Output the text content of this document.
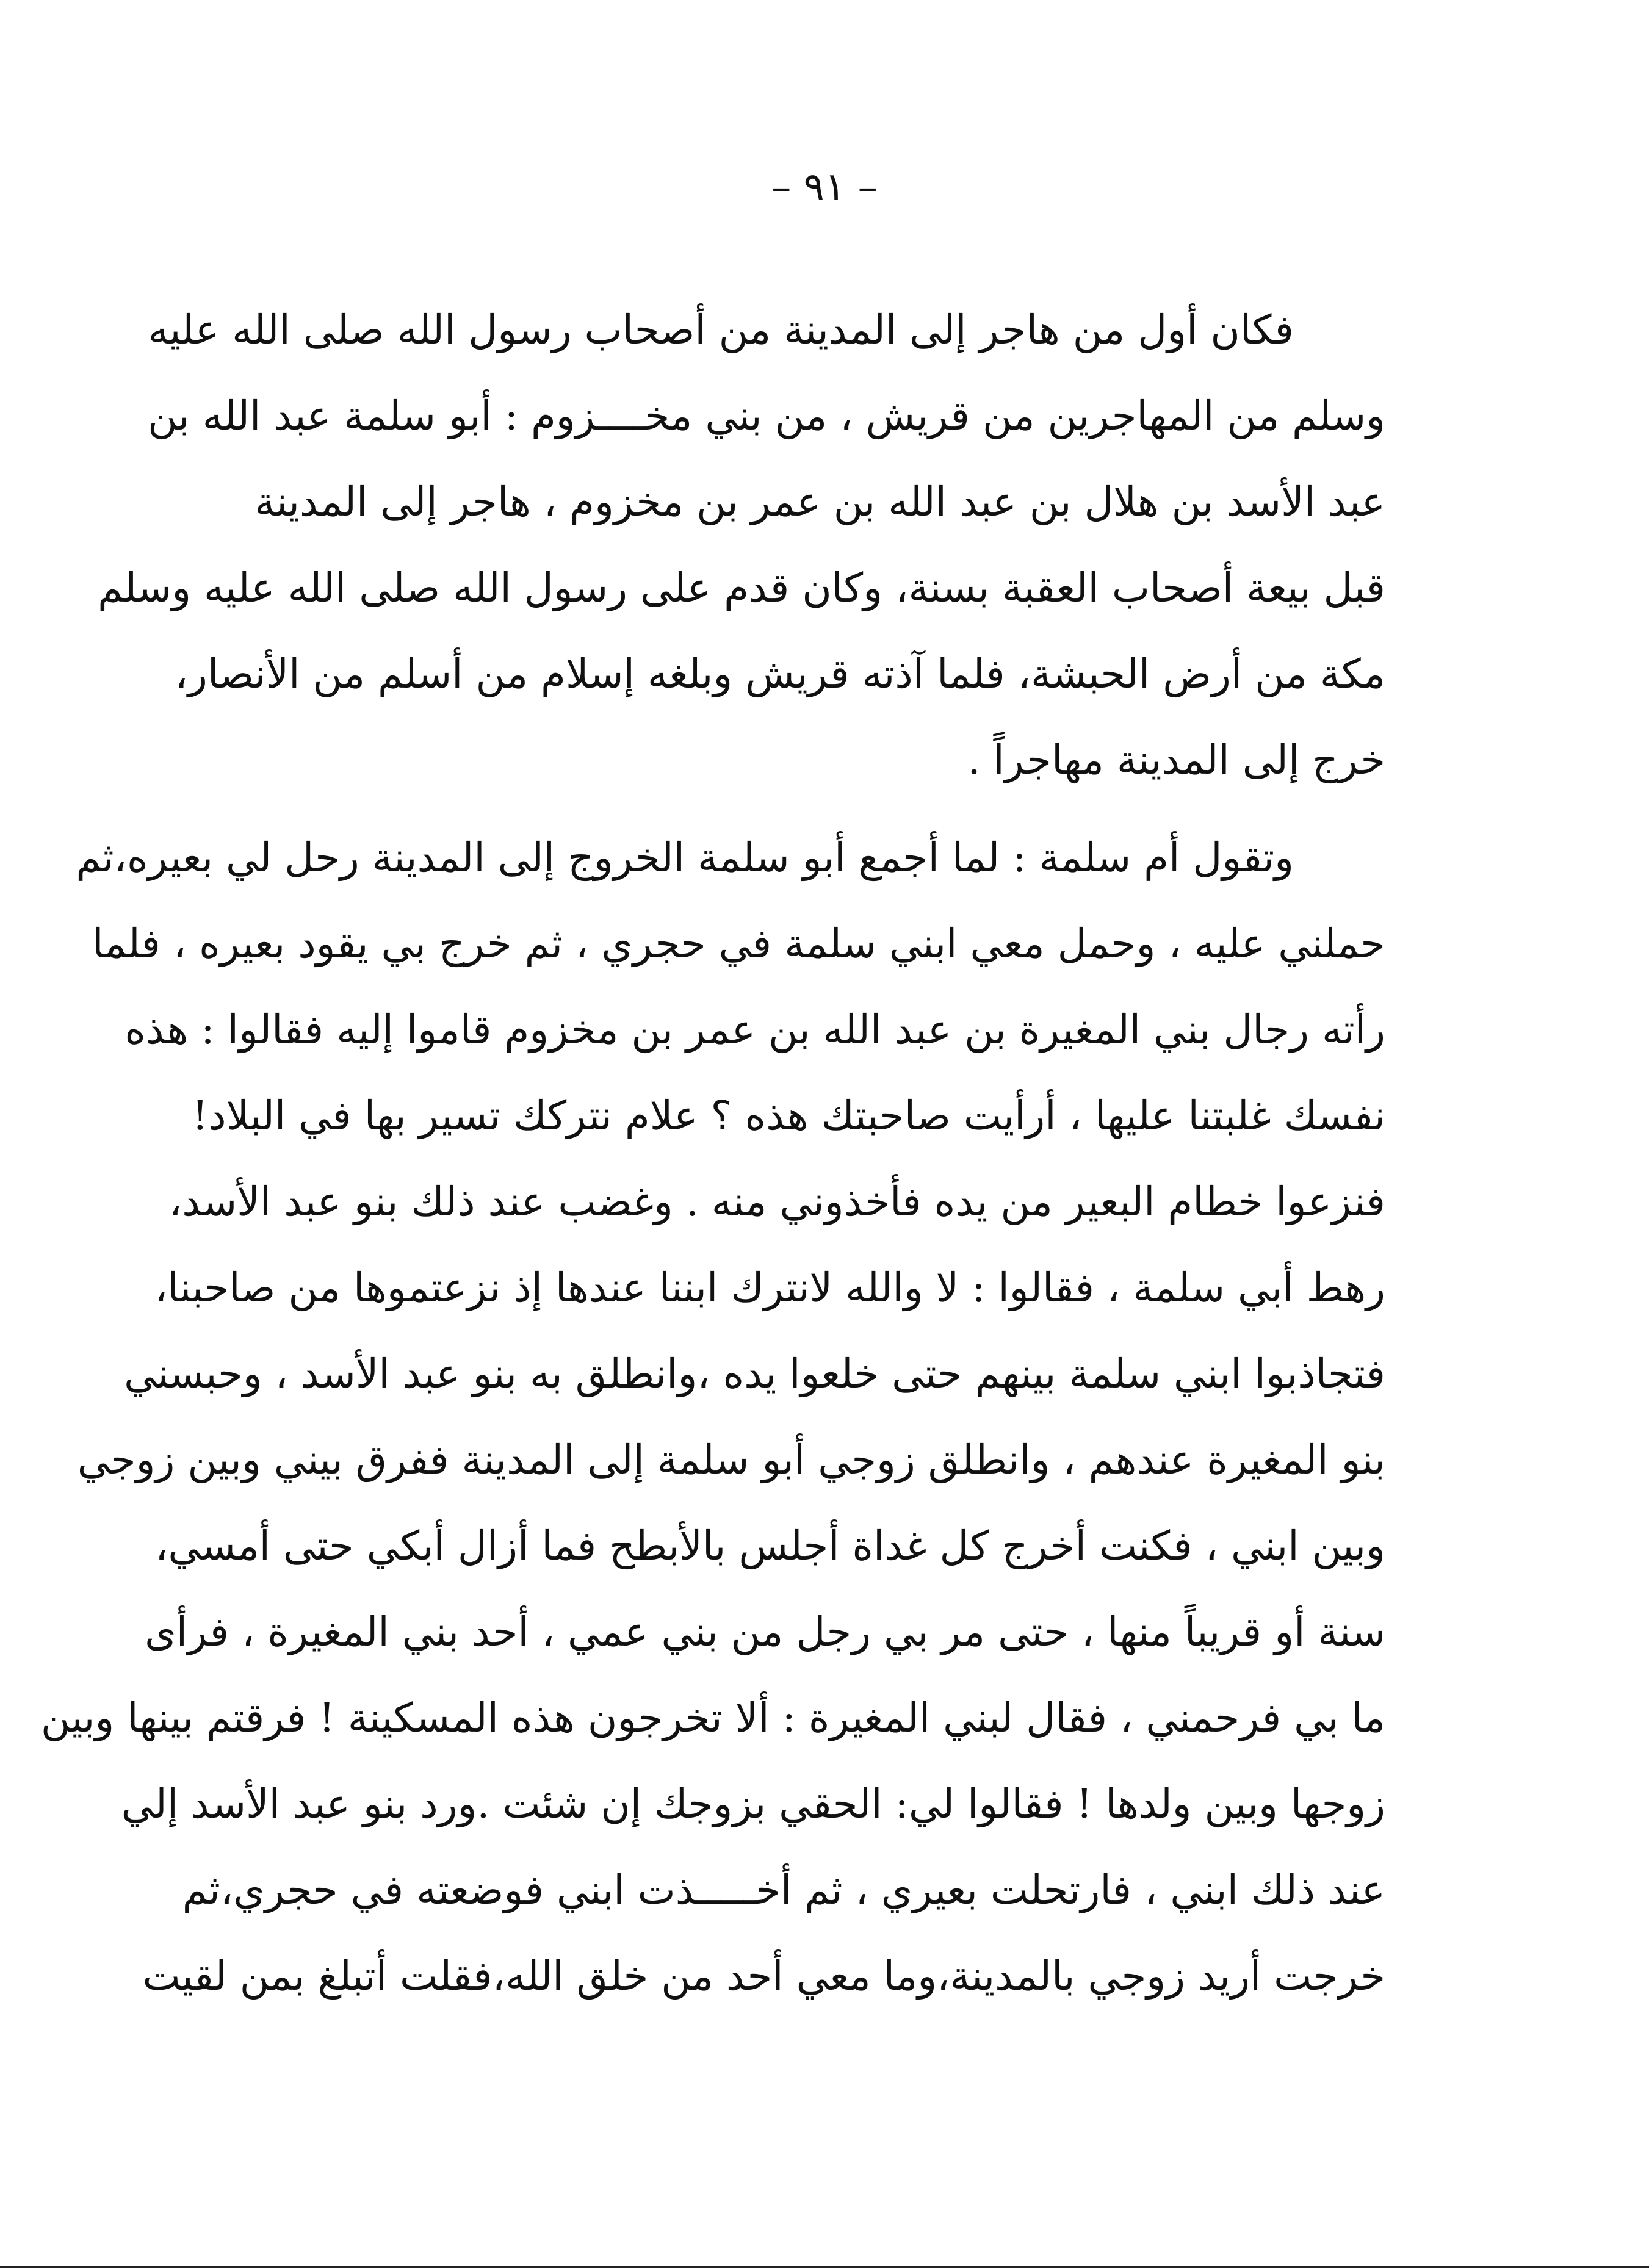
– ٩١ –
فكان أول من هاجر إلى المدينة من أصحاب رسول الله صلى الله عليه
وسلم من المهاجرين من قريش ، من بني مخــــزوم : أبو سلمة عبد الله بن
عبد الأسد بن هلال بن عبد الله بن عمر بن مخزوم ، هاجر إلى المدينة
قبل بيعة أصحاب العقبة بسنة، وكان قدم على رسول الله صلى الله عليه وسلم
مكة من أرض الحبشة، فلما آذته قريش وبلغه إسلام من أسلم من الأنصار،
خرج إلى المدينة مهاجراً .
وتقول أم سلمة : لما أجمع أبو سلمة الخروج إلى المدينة رحل لي بعيره،ثم
حملني عليه ، وحمل معي ابني سلمة في حجري ، ثم خرج بي يقود بعيره ، فلما
رأته رجال بني المغيرة بن عبد الله بن عمر بن مخزوم قاموا إليه فقالوا : هذه
نفسك غلبتنا عليها ، أرأيت صاحبتك هذه ؟ علام نتركك تسير بها في البلاد!
فنزعوا خطام البعير من يده فأخذوني منه . وغضب عند ذلك بنو عبد الأسد،
رهط أبي سلمة ، فقالوا : لا والله لانترك ابننا عندها إذ نزعتموها من صاحبنا،
فتجاذبوا ابني سلمة بينهم حتى خلعوا يده ،وانطلق به بنو عبد الأسد ، وحبسني
بنو المغيرة عندهم ، وانطلق زوجي أبو سلمة إلى المدينة ففرق بيني وبين زوجي
وبين ابني ، فكنت أخرج كل غداة أجلس بالأبطح فما أزال أبكي حتى أمسي،
سنة أو قريباً منها ، حتى مر بي رجل من بني عمي ، أحد بني المغيرة ، فرأى
ما بي فرحمني ، فقال لبني المغيرة : ألا تخرجون هذه المسكينة ! فرقتم بينها وبين
زوجها وبين ولدها ! فقالوا لي: الحقي بزوجك إن شئت .ورد بنو عبد الأسد إلي
عند ذلك ابني ، فارتحلت بعيري ، ثم أخـــــذت ابني فوضعته في حجري،ثم
خرجت أريد زوجي بالمدينة،وما معي أحد من خلق الله،فقلت أتبلغ بمن لقيت
